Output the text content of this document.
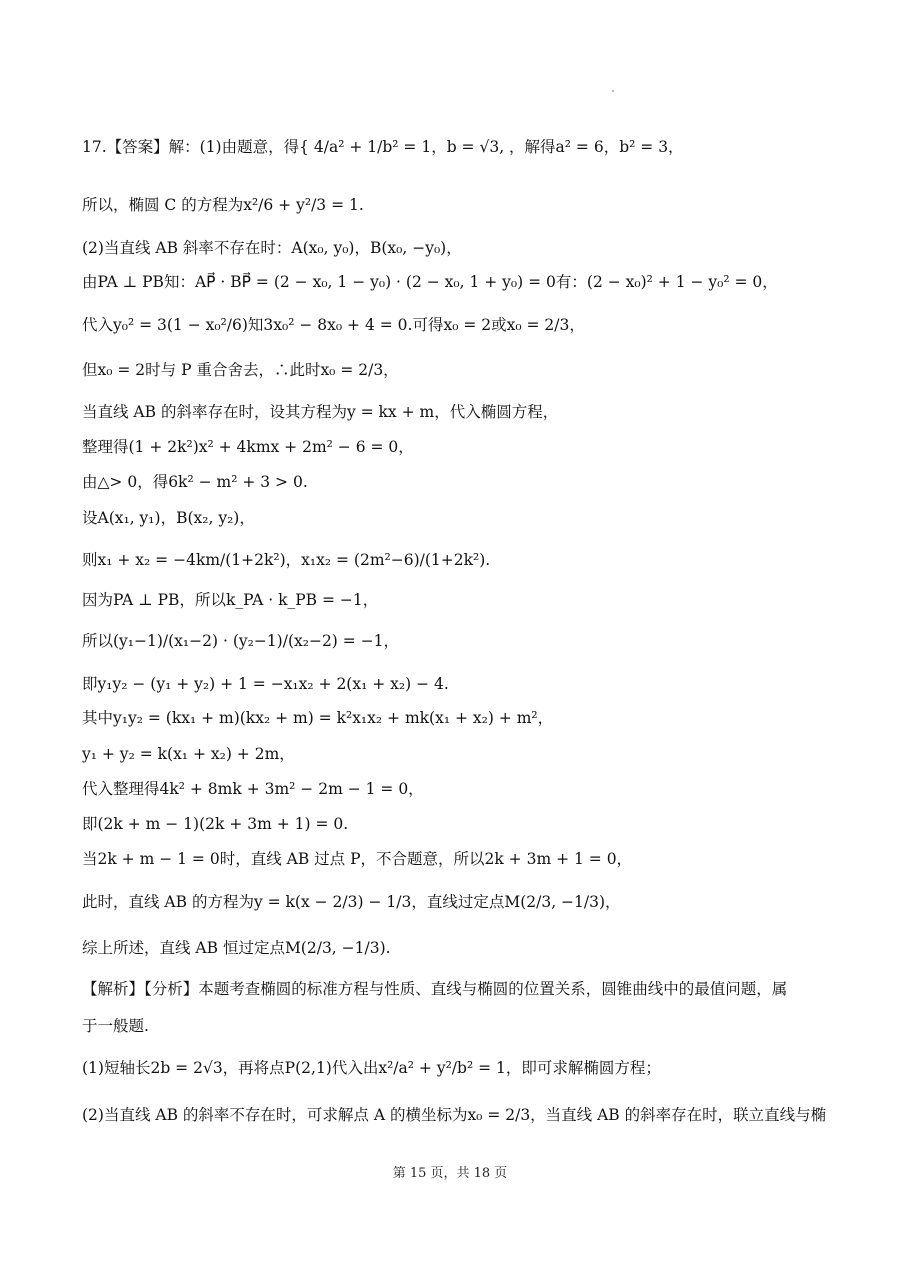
17.【答案】解：(1)由题意，得{ 4/a² + 1/b² = 1，b = √3, ，解得a² = 6，b² = 3，
所以，椭圆 C 的方程为x²/6 + y²/3 = 1.
(2)当直线 AB 斜率不存在时：A(x₀, y₀)，B(x₀, −y₀)，
由PA ⊥ PB知：AP⃗ · BP⃗ = (2 − x₀, 1 − y₀) · (2 − x₀, 1 + y₀) = 0有：(2 − x₀)² + 1 − y₀² = 0，
代入y₀² = 3(1 − x₀²/6)知3x₀² − 8x₀ + 4 = 0.可得x₀ = 2或x₀ = 2/3，
但x₀ = 2时与 P 重合舍去，∴此时x₀ = 2/3，
当直线 AB 的斜率存在时，设其方程为y = kx + m，代入椭圆方程，
整理得(1 + 2k²)x² + 4kmx + 2m² − 6 = 0，
由△> 0，得6k² − m² + 3 > 0.
设A(x₁, y₁)，B(x₂, y₂)，
则x₁ + x₂ = −4km/(1+2k²)，x₁x₂ = (2m²−6)/(1+2k²).
因为PA ⊥ PB，所以k_PA · k_PB = −1，
所以(y₁−1)/(x₁−2) · (y₂−1)/(x₂−2) = −1，
即y₁y₂ − (y₁ + y₂) + 1 = −x₁x₂ + 2(x₁ + x₂) − 4.
其中y₁y₂ = (kx₁ + m)(kx₂ + m) = k²x₁x₂ + mk(x₁ + x₂) + m²，
y₁ + y₂ = k(x₁ + x₂) + 2m，
代入整理得4k² + 8mk + 3m² − 2m − 1 = 0，
即(2k + m − 1)(2k + 3m + 1) = 0.
当2k + m − 1 = 0时，直线 AB 过点 P，不合题意，所以2k + 3m + 1 = 0，
此时，直线 AB 的方程为y = k(x − 2/3) − 1/3，直线过定点M(2/3, −1/3)，
综上所述，直线 AB 恒过定点M(2/3, −1/3).
【解析】【分析】本题考查椭圆的标准方程与性质、直线与椭圆的位置关系，圆锥曲线中的最值问题，属
于一般题.
(1)短轴长2b = 2√3，再将点P(2,1)代入出x²/a² + y²/b² = 1，即可求解椭圆方程；
(2)当直线 AB 的斜率不存在时，可求解点 A 的横坐标为x₀ = 2/3，当直线 AB 的斜率存在时，联立直线与椭
第 15 页，共 18 页
